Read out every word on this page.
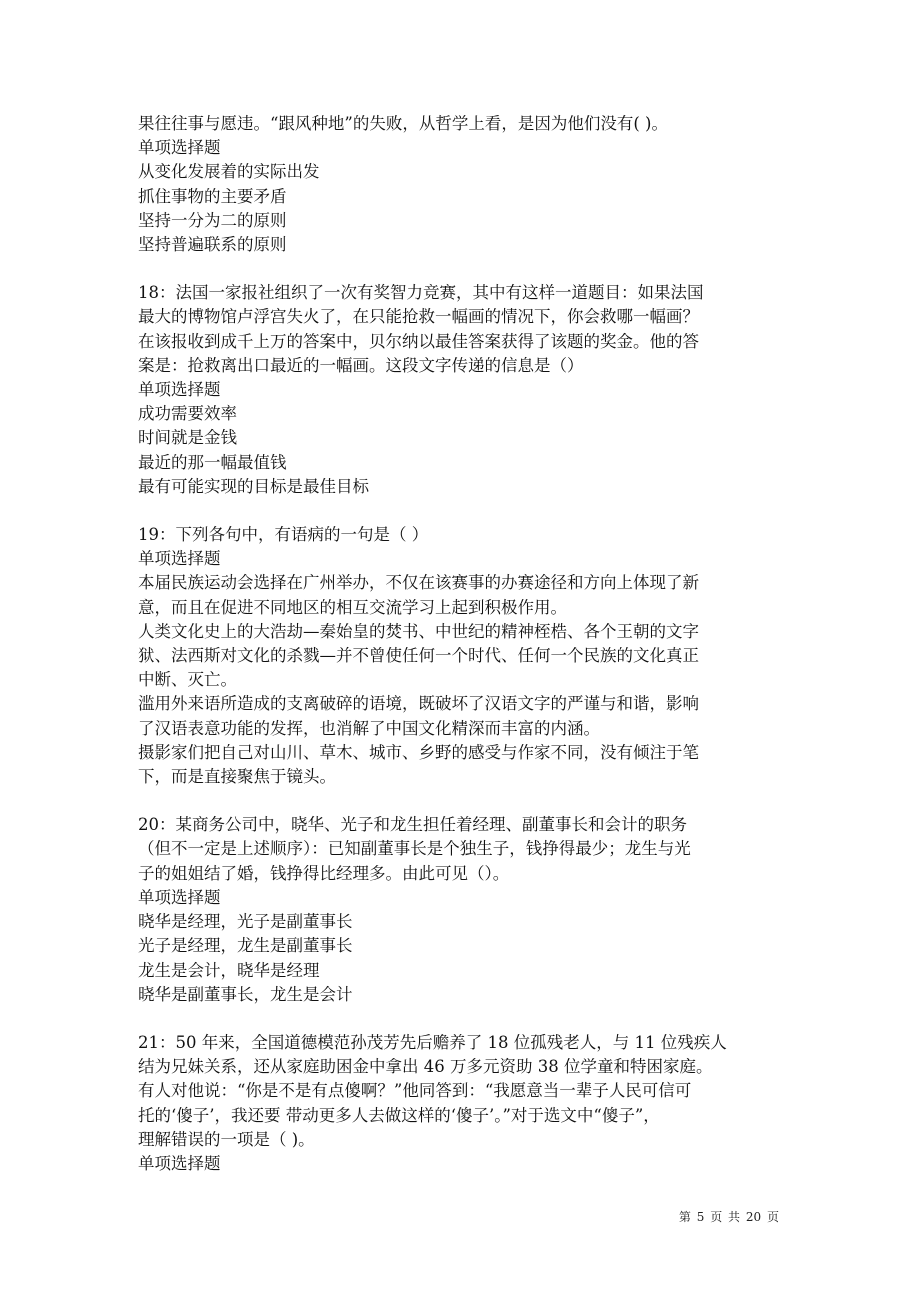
果往往事与愿违。“跟风种地”的失败，从哲学上看，是因为他们没有( )。
单项选择题
从变化发展着的实际出发
抓住事物的主要矛盾
坚持一分为二的原则
坚持普遍联系的原则
18：法国一家报社组织了一次有奖智力竞赛，其中有这样一道题目：如果法国
最大的博物馆卢浮宫失火了，在只能抢救一幅画的情况下，你会救哪一幅画？
在该报收到成千上万的答案中，贝尔纳以最佳答案获得了该题的奖金。他的答
案是：抢救离出口最近的一幅画。这段文字传递的信息是（）
单项选择题
成功需要效率
时间就是金钱
最近的那一幅最值钱
最有可能实现的目标是最佳目标
19：下列各句中，有语病的一句是（ ）
单项选择题
本届民族运动会选择在广州举办，不仅在该赛事的办赛途径和方向上体现了新
意，而且在促进不同地区的相互交流学习上起到积极作用。
人类文化史上的大浩劫—秦始皇的焚书、中世纪的精神桎梏、各个王朝的文字
狱、法西斯对文化的杀戮—并不曾使任何一个时代、任何一个民族的文化真正
中断、灭亡。
滥用外来语所造成的支离破碎的语境，既破坏了汉语文字的严谨与和谐，影响
了汉语表意功能的发挥，也消解了中国文化精深而丰富的内涵。
摄影家们把自己对山川、草木、城市、乡野的感受与作家不同，没有倾注于笔
下，而是直接聚焦于镜头。
20：某商务公司中，晓华、光子和龙生担任着经理、副董事长和会计的职务
（但不一定是上述顺序）：已知副董事长是个独生子，钱挣得最少；龙生与光
子的姐姐结了婚，钱挣得比经理多。由此可见（）。
单项选择题
晓华是经理，光子是副董事长
光子是经理，龙生是副董事长
龙生是会计，晓华是经理
晓华是副董事长，龙生是会计
21：50 年来，全国道德模范孙茂芳先后赡养了 18 位孤残老人，与 11 位残疾人
结为兄妹关系，还从家庭助困金中拿出 46 万多元资助 38 位学童和特困家庭。
有人对他说：“你是不是有点傻啊？”他同答到：“我愿意当一辈子人民可信可
托的‘傻子’，我还要 带动更多人去做这样的‘傻子’。”对于选文中“傻子”，
理解错误的一项是（ )。
单项选择题
第 5 页 共 20 页
